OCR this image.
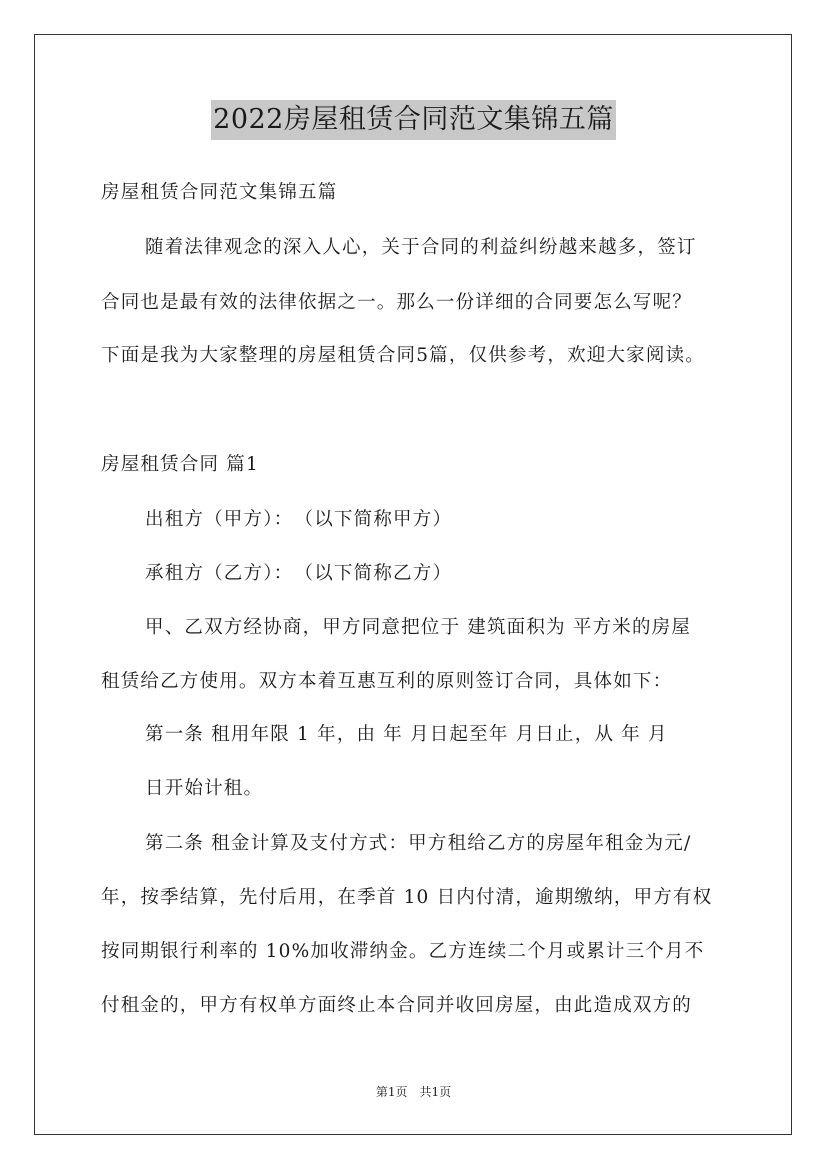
2022房屋租赁合同范文集锦五篇
房屋租赁合同范文集锦五篇
随着法律观念的深入人心，关于合同的利益纠纷越来越多，签订
合同也是最有效的法律依据之一。那么一份详细的合同要怎么写呢？
下面是我为大家整理的房屋租赁合同5篇，仅供参考，欢迎大家阅读。
房屋租赁合同 篇1
出租方（甲方）：　（以下简称甲方）
承租方（乙方）：　（以下简称乙方）
甲、乙双方经协商，甲方同意把位于 建筑面积为 平方米的房屋
租赁给乙方使用。双方本着互惠互利的原则签订合同，具体如下：
第一条 租用年限 1 年，由 年 月日起至年 月日止，从 年 月
日开始计租。
第二条 租金计算及支付方式：甲方租给乙方的房屋年租金为元/
年，按季结算，先付后用，在季首 10 日内付清，逾期缴纳，甲方有权
按同期银行利率的 10%加收滞纳金。乙方连续二个月或累计三个月不
付租金的，甲方有权单方面终止本合同并收回房屋，由此造成双方的
第1页　共1页
